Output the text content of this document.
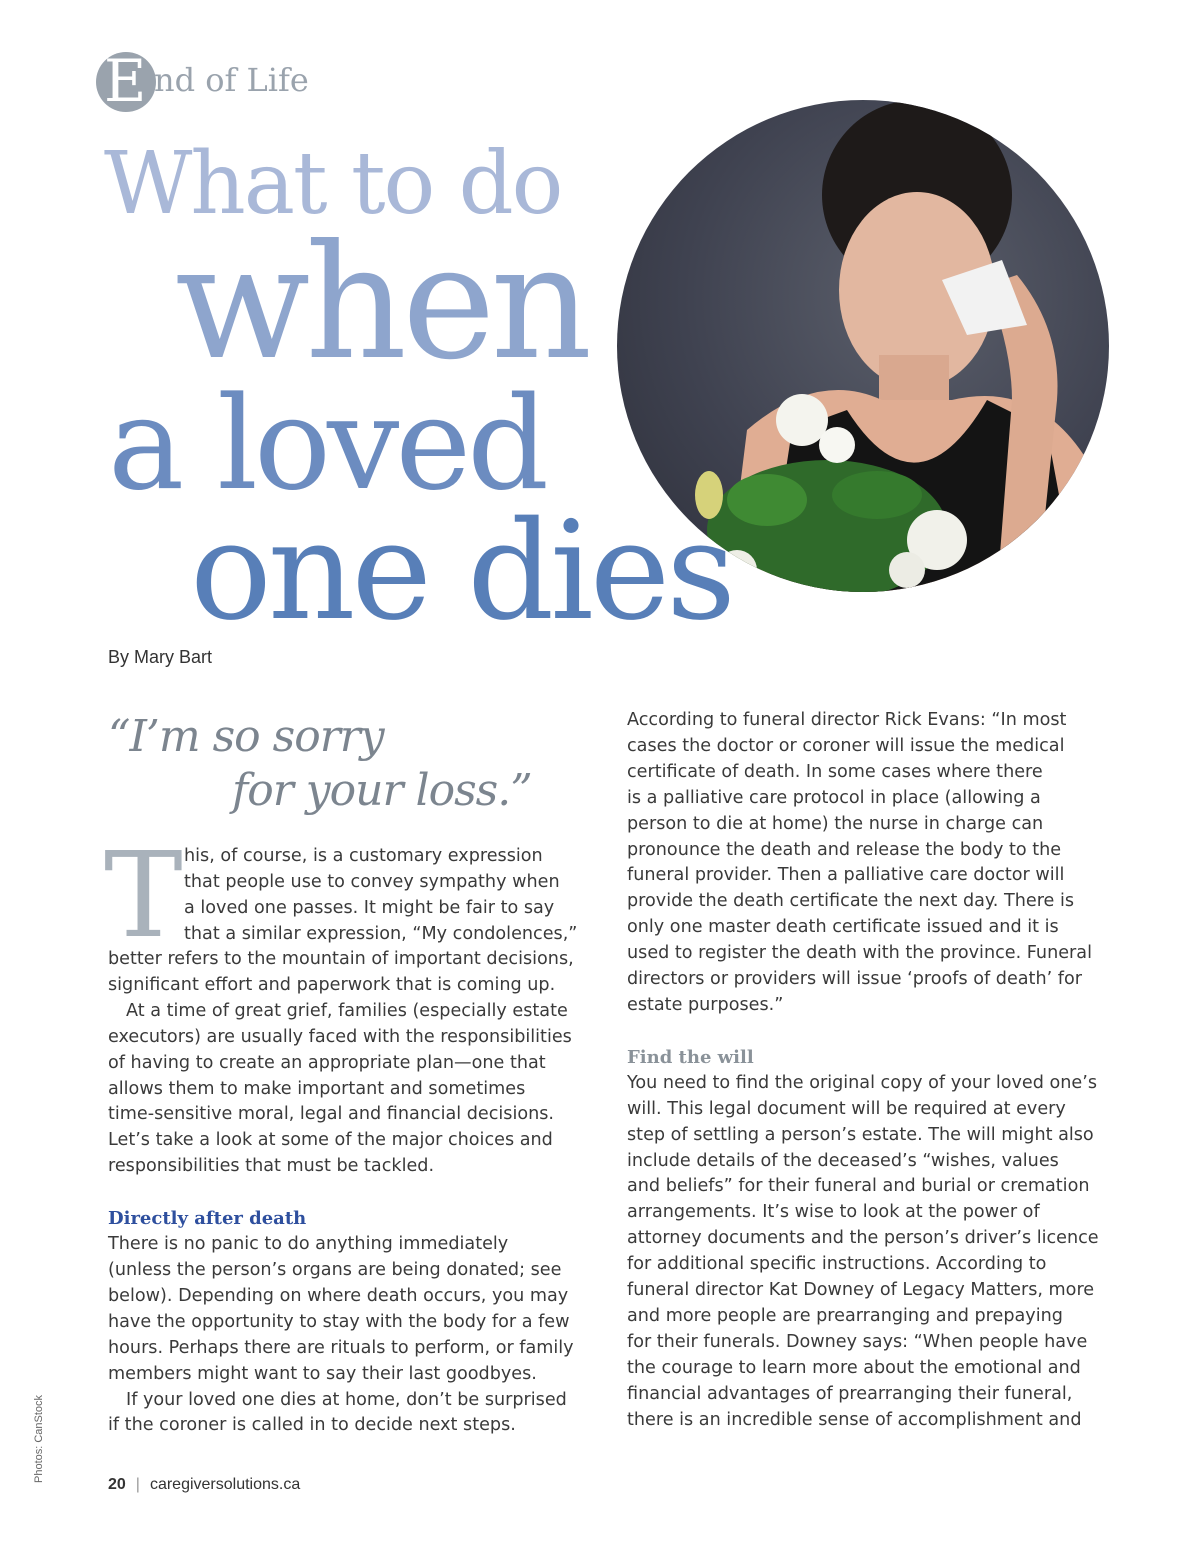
E nd of Life
What to do
when
a loved
one dies
By Mary Bart
“I’m so sorry
for your loss.”
T his, of course, is a customary expression
that people use to convey sympathy when
a loved one passes. It might be fair to say
that a similar expression, “My condolences,”
better refers to the mountain of important decisions,
significant effort and paperwork that is coming up.
At a time of great grief, families (especially estate
executors) are usually faced with the responsibilities
of having to create an appropriate plan—one that
allows them to make important and sometimes
time-sensitive moral, legal and financial decisions.
Let’s take a look at some of the major choices and
responsibilities that must be tackled.
Directly after death
There is no panic to do anything immediately
(unless the person’s organs are being donated; see
below). Depending on where death occurs, you may
have the opportunity to stay with the body for a few
hours. Perhaps there are rituals to perform, or family
members might want to say their last goodbyes.
If your loved one dies at home, don’t be surprised
if the coroner is called in to decide next steps.
According to funeral director Rick Evans: “In most
cases the doctor or coroner will issue the medical
certificate of death. In some cases where there
is a palliative care protocol in place (allowing a
person to die at home) the nurse in charge can
pronounce the death and release the body to the
funeral provider. Then a palliative care doctor will
provide the death certificate the next day. There is
only one master death certificate issued and it is
used to register the death with the province. Funeral
directors or providers will issue ‘proofs of death’ for
estate purposes.”
Find the will
You need to find the original copy of your loved one’s
will. This legal document will be required at every
step of settling a person’s estate. The will might also
include details of the deceased’s “wishes, values
and beliefs” for their funeral and burial or cremation
arrangements. It’s wise to look at the power of
attorney documents and the person’s driver’s licence
for additional specific instructions. According to
funeral director Kat Downey of Legacy Matters, more
and more people are prearranging and prepaying
for their funerals. Downey says: “When people have
the courage to learn more about the emotional and
financial advantages of prearranging their funeral,
there is an incredible sense of accomplishment and
Photos: CanStock
20 | caregiversolutions.ca
